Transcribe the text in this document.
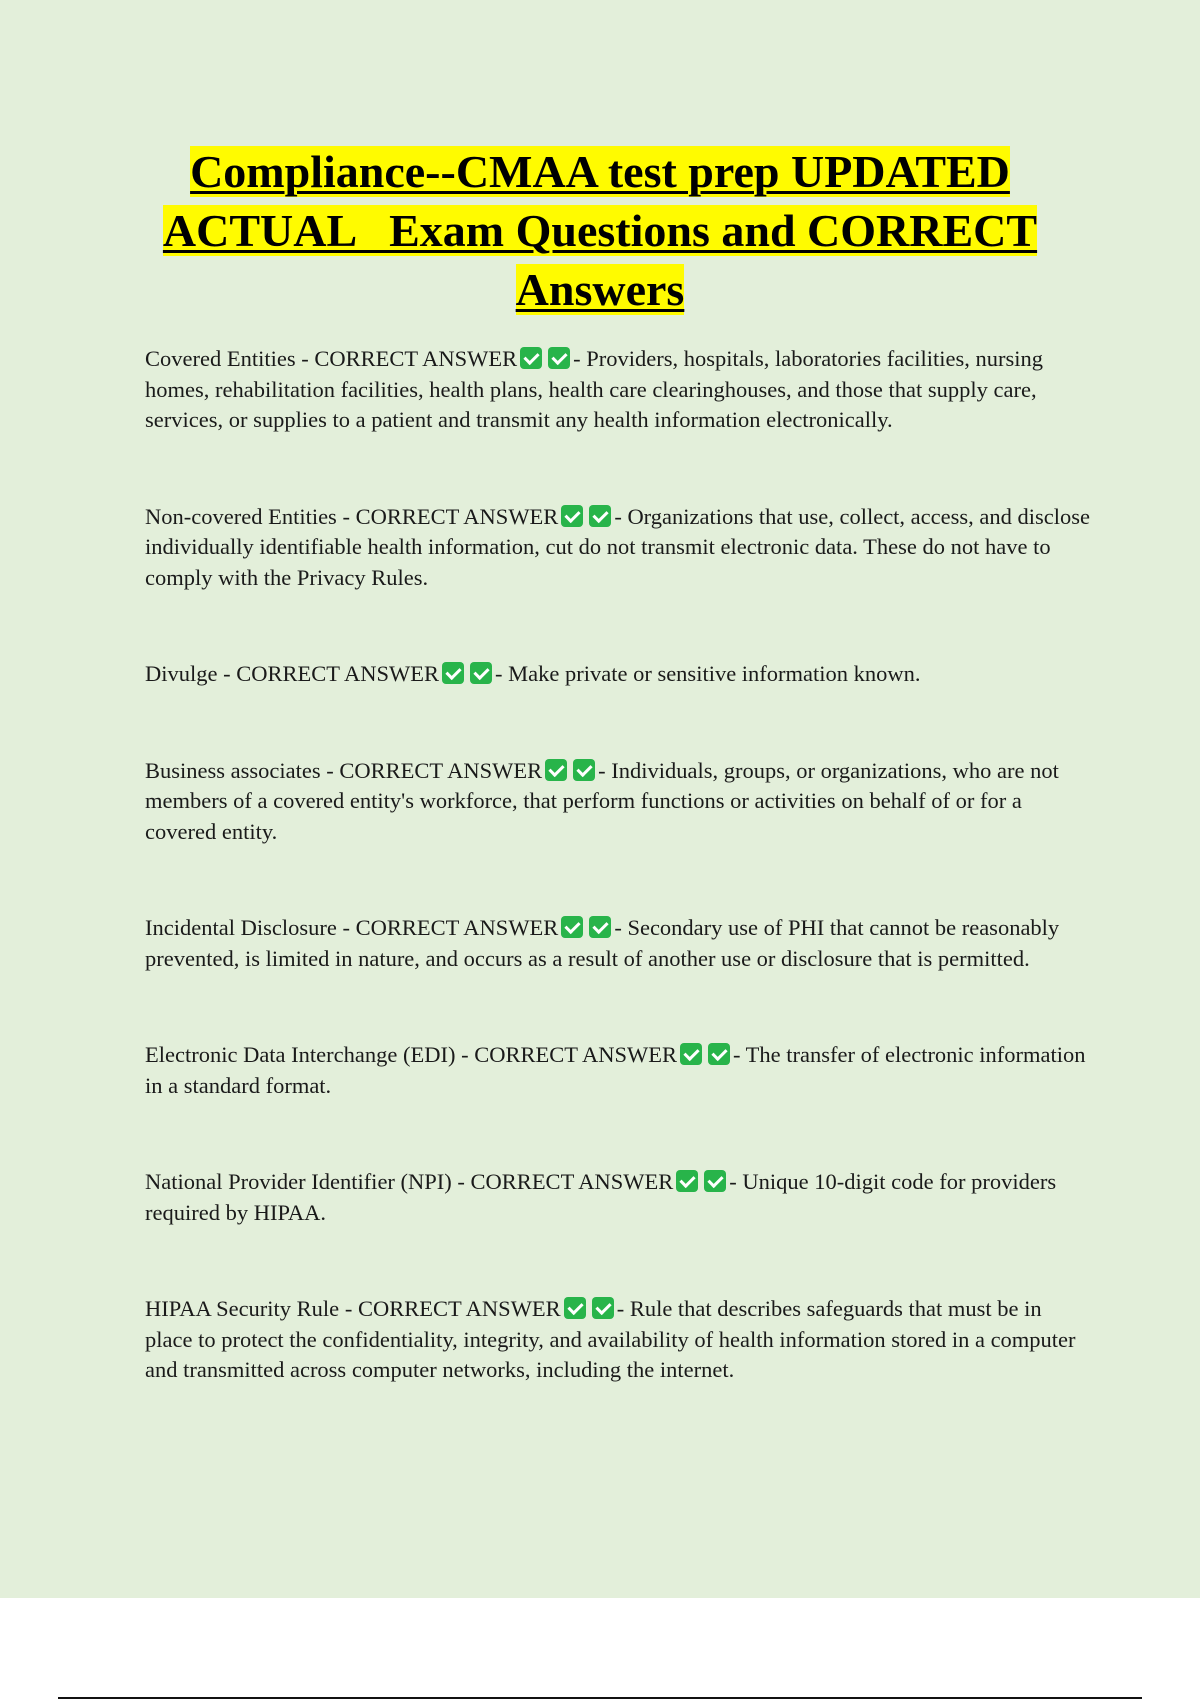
Compliance--CMAA test prep UPDATED
ACTUAL   Exam Questions and CORRECT
Answers

Covered Entities - CORRECT ANSWER - Providers, hospitals, laboratories facilities, nursing homes, rehabilitation facilities, health plans, health care clearinghouses, and those that supply care, services, or supplies to a patient and transmit any health information electronically.

Non-covered Entities - CORRECT ANSWER - Organizations that use, collect, access, and disclose individually identifiable health information, cut do not transmit electronic data. These do not have to comply with the Privacy Rules.

Divulge - CORRECT ANSWER - Make private or sensitive information known.

Business associates - CORRECT ANSWER - Individuals, groups, or organizations, who are not members of a covered entity's workforce, that perform functions or activities on behalf of or for a covered entity.

Incidental Disclosure - CORRECT ANSWER - Secondary use of PHI that cannot be reasonably prevented, is limited in nature, and occurs as a result of another use or disclosure that is permitted.

Electronic Data Interchange (EDI) - CORRECT ANSWER - The transfer of electronic information in a standard format.

National Provider Identifier (NPI) - CORRECT ANSWER - Unique 10-digit code for providers required by HIPAA.

HIPAA Security Rule - CORRECT ANSWER - Rule that describes safeguards that must be in place to protect the confidentiality, integrity, and availability of health information stored in a computer and transmitted across computer networks, including the internet.
